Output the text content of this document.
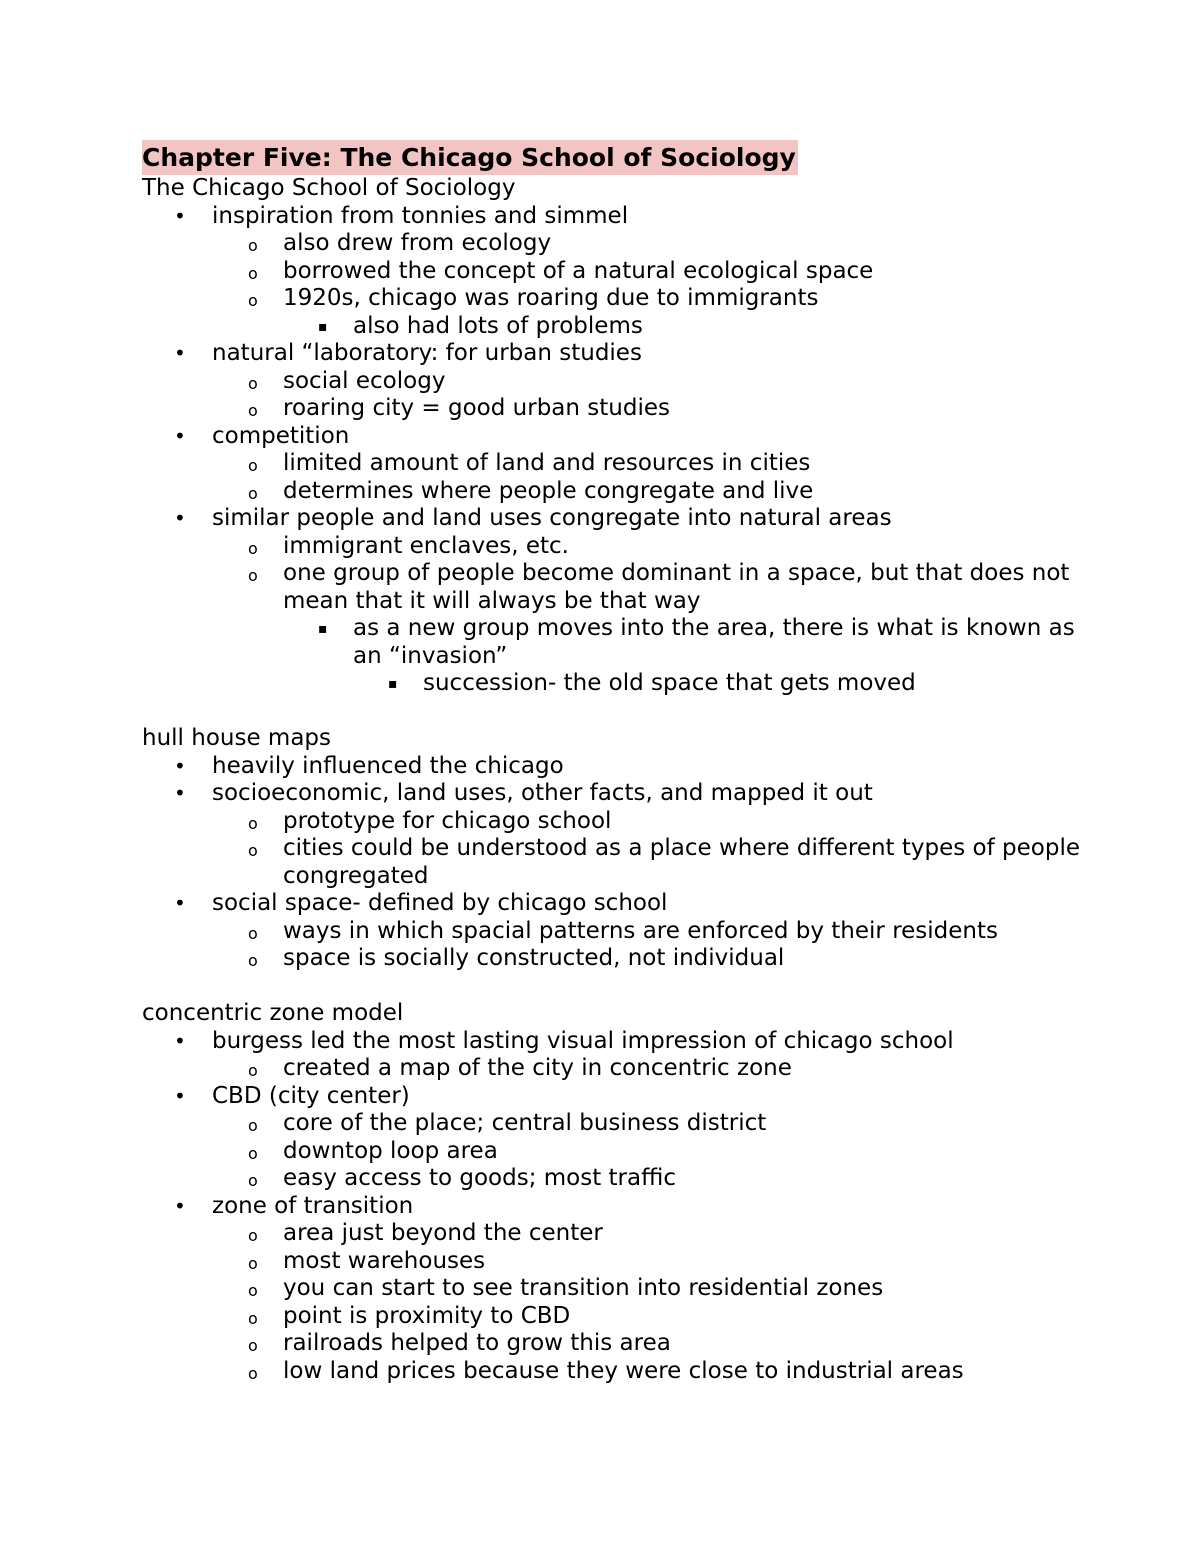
Chapter Five: The Chicago School of Sociology
The Chicago School of Sociology
• inspiration from tonnies and simmel
o also drew from ecology
o borrowed the concept of a natural ecological space
o 1920s, chicago was roaring due to immigrants
▪ also had lots of problems
• natural “laboratory: for urban studies
o social ecology
o roaring city = good urban studies
• competition
o limited amount of land and resources in cities
o determines where people congregate and live
• similar people and land uses congregate into natural areas
o immigrant enclaves, etc.
o one group of people become dominant in a space, but that does not mean that it will always be that way
▪ as a new group moves into the area, there is what is known as an “invasion”
▪ succession- the old space that gets moved
hull house maps
• heavily influenced the chicago
• socioeconomic, land uses, other facts, and mapped it out
o prototype for chicago school
o cities could be understood as a place where different types of people congregated
• social space- defined by chicago school
o ways in which spacial patterns are enforced by their residents
o space is socially constructed, not individual
concentric zone model
• burgess led the most lasting visual impression of chicago school
o created a map of the city in concentric zone
• CBD (city center)
o core of the place; central business district
o downtop loop area
o easy access to goods; most traffic
• zone of transition
o area just beyond the center
o most warehouses
o you can start to see transition into residential zones
o point is proximity to CBD
o railroads helped to grow this area
o low land prices because they were close to industrial areas
